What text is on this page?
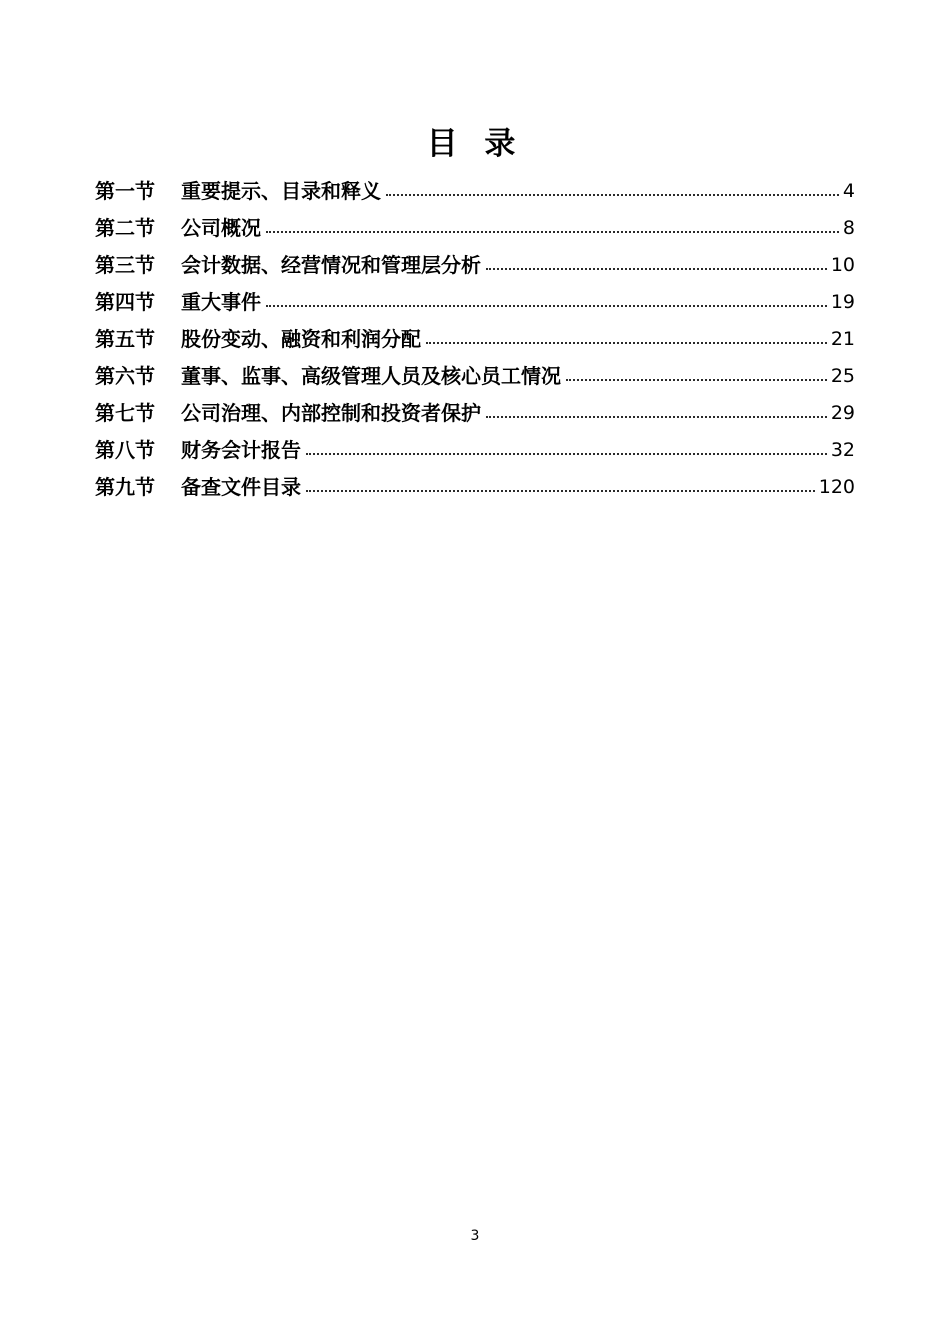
目 录
第一节	重要提示、目录和释义	4
第二节	公司概况	8
第三节	会计数据、经营情况和管理层分析	10
第四节	重大事件	19
第五节	股份变动、融资和利润分配	21
第六节	董事、监事、高级管理人员及核心员工情况	25
第七节	公司治理、内部控制和投资者保护	29
第八节	财务会计报告	32
第九节	备查文件目录	120
3
